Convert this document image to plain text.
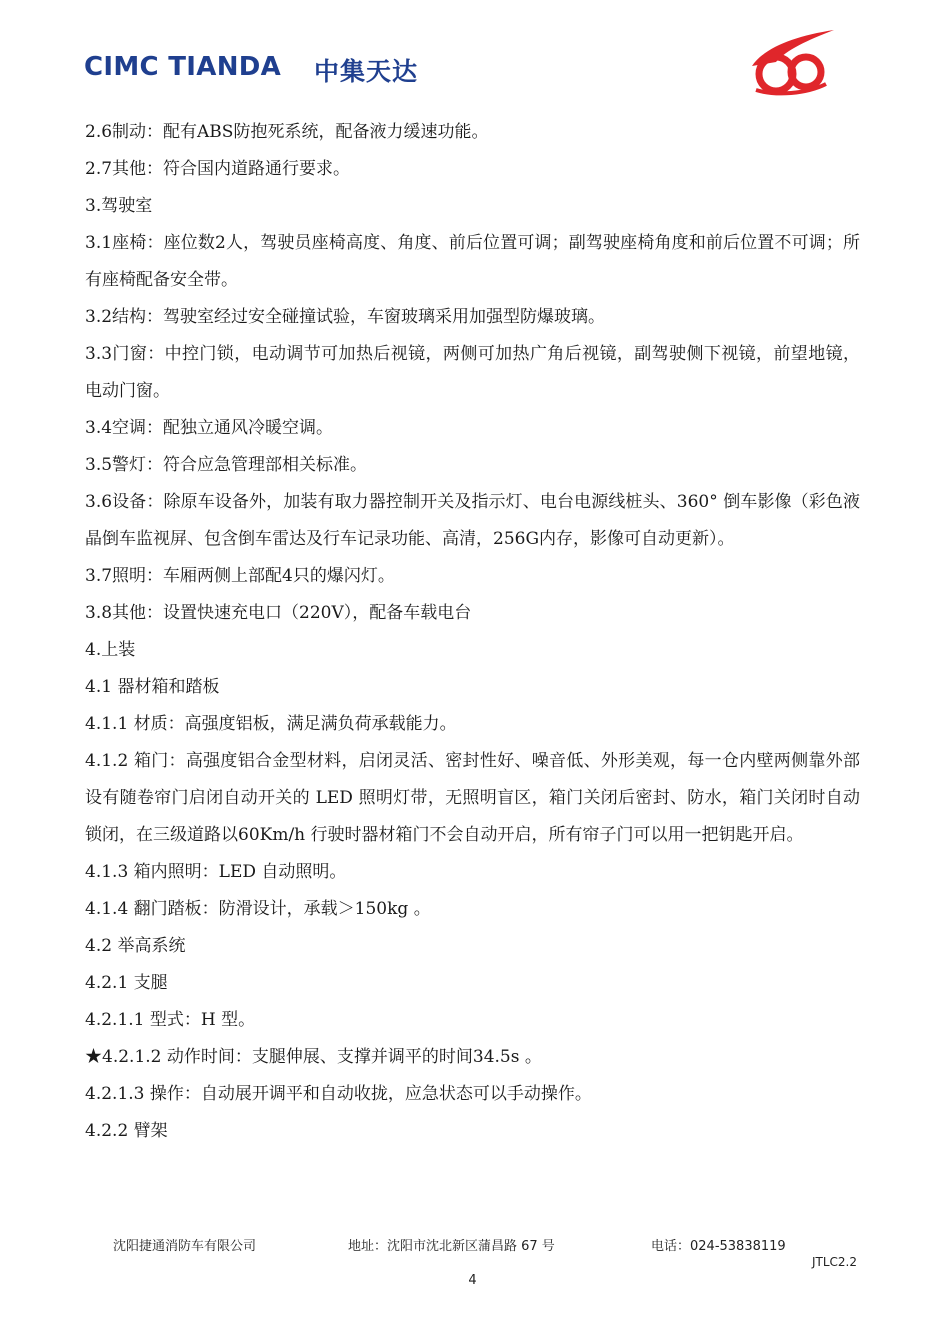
CIMC TIANDA 中集天达

2.6制动：配有ABS防抱死系统，配备液力缓速功能。

2.7其他：符合国内道路通行要求。

3.驾驶室

3.1座椅：座位数2人，驾驶员座椅高度、角度、前后位置可调；副驾驶座椅角度和前后位置不可调；所有座椅配备安全带。

3.2结构：驾驶室经过安全碰撞试验，车窗玻璃采用加强型防爆玻璃。

3.3门窗：中控门锁，电动调节可加热后视镜，两侧可加热广角后视镜，副驾驶侧下视镜，前望地镜，电动门窗。

3.4空调：配独立通风冷暖空调。

3.5警灯：符合应急管理部相关标准。

3.6设备：除原车设备外，加装有取力器控制开关及指示灯、电台电源线桩头、360° 倒车影像（彩色液晶倒车监视屏、包含倒车雷达及行车记录功能、高清，256G内存，影像可自动更新）。

3.7照明：车厢两侧上部配4只的爆闪灯。

3.8其他：设置快速充电口（220V），配备车载电台

4.上装

4.1 器材箱和踏板

4.1.1 材质：高强度铝板，满足满负荷承载能力。

4.1.2 箱门：高强度铝合金型材料，启闭灵活、密封性好、噪音低、外形美观，每一仓内壁两侧靠外部设有随卷帘门启闭自动开关的 LED 照明灯带，无照明盲区，箱门关闭后密封、防水，箱门关闭时自动锁闭，在三级道路以60Km/h 行驶时器材箱门不会自动开启，所有帘子门可以用一把钥匙开启。

4.1.3 箱内照明：LED 自动照明。

4.1.4 翻门踏板：防滑设计，承载＞150kg 。

4.2 举高系统

4.2.1 支腿

4.2.1.1 型式：H 型。

★4.2.1.2 动作时间：支腿伸展、支撑并调平的时间34.5s 。

4.2.1.3 操作：自动展开调平和自动收拢，应急状态可以手动操作。

4.2.2 臂架

沈阳捷通消防车有限公司	地址：沈阳市沈北新区蒲昌路 67 号	电话：024-53838119
JTLC2.2
4
